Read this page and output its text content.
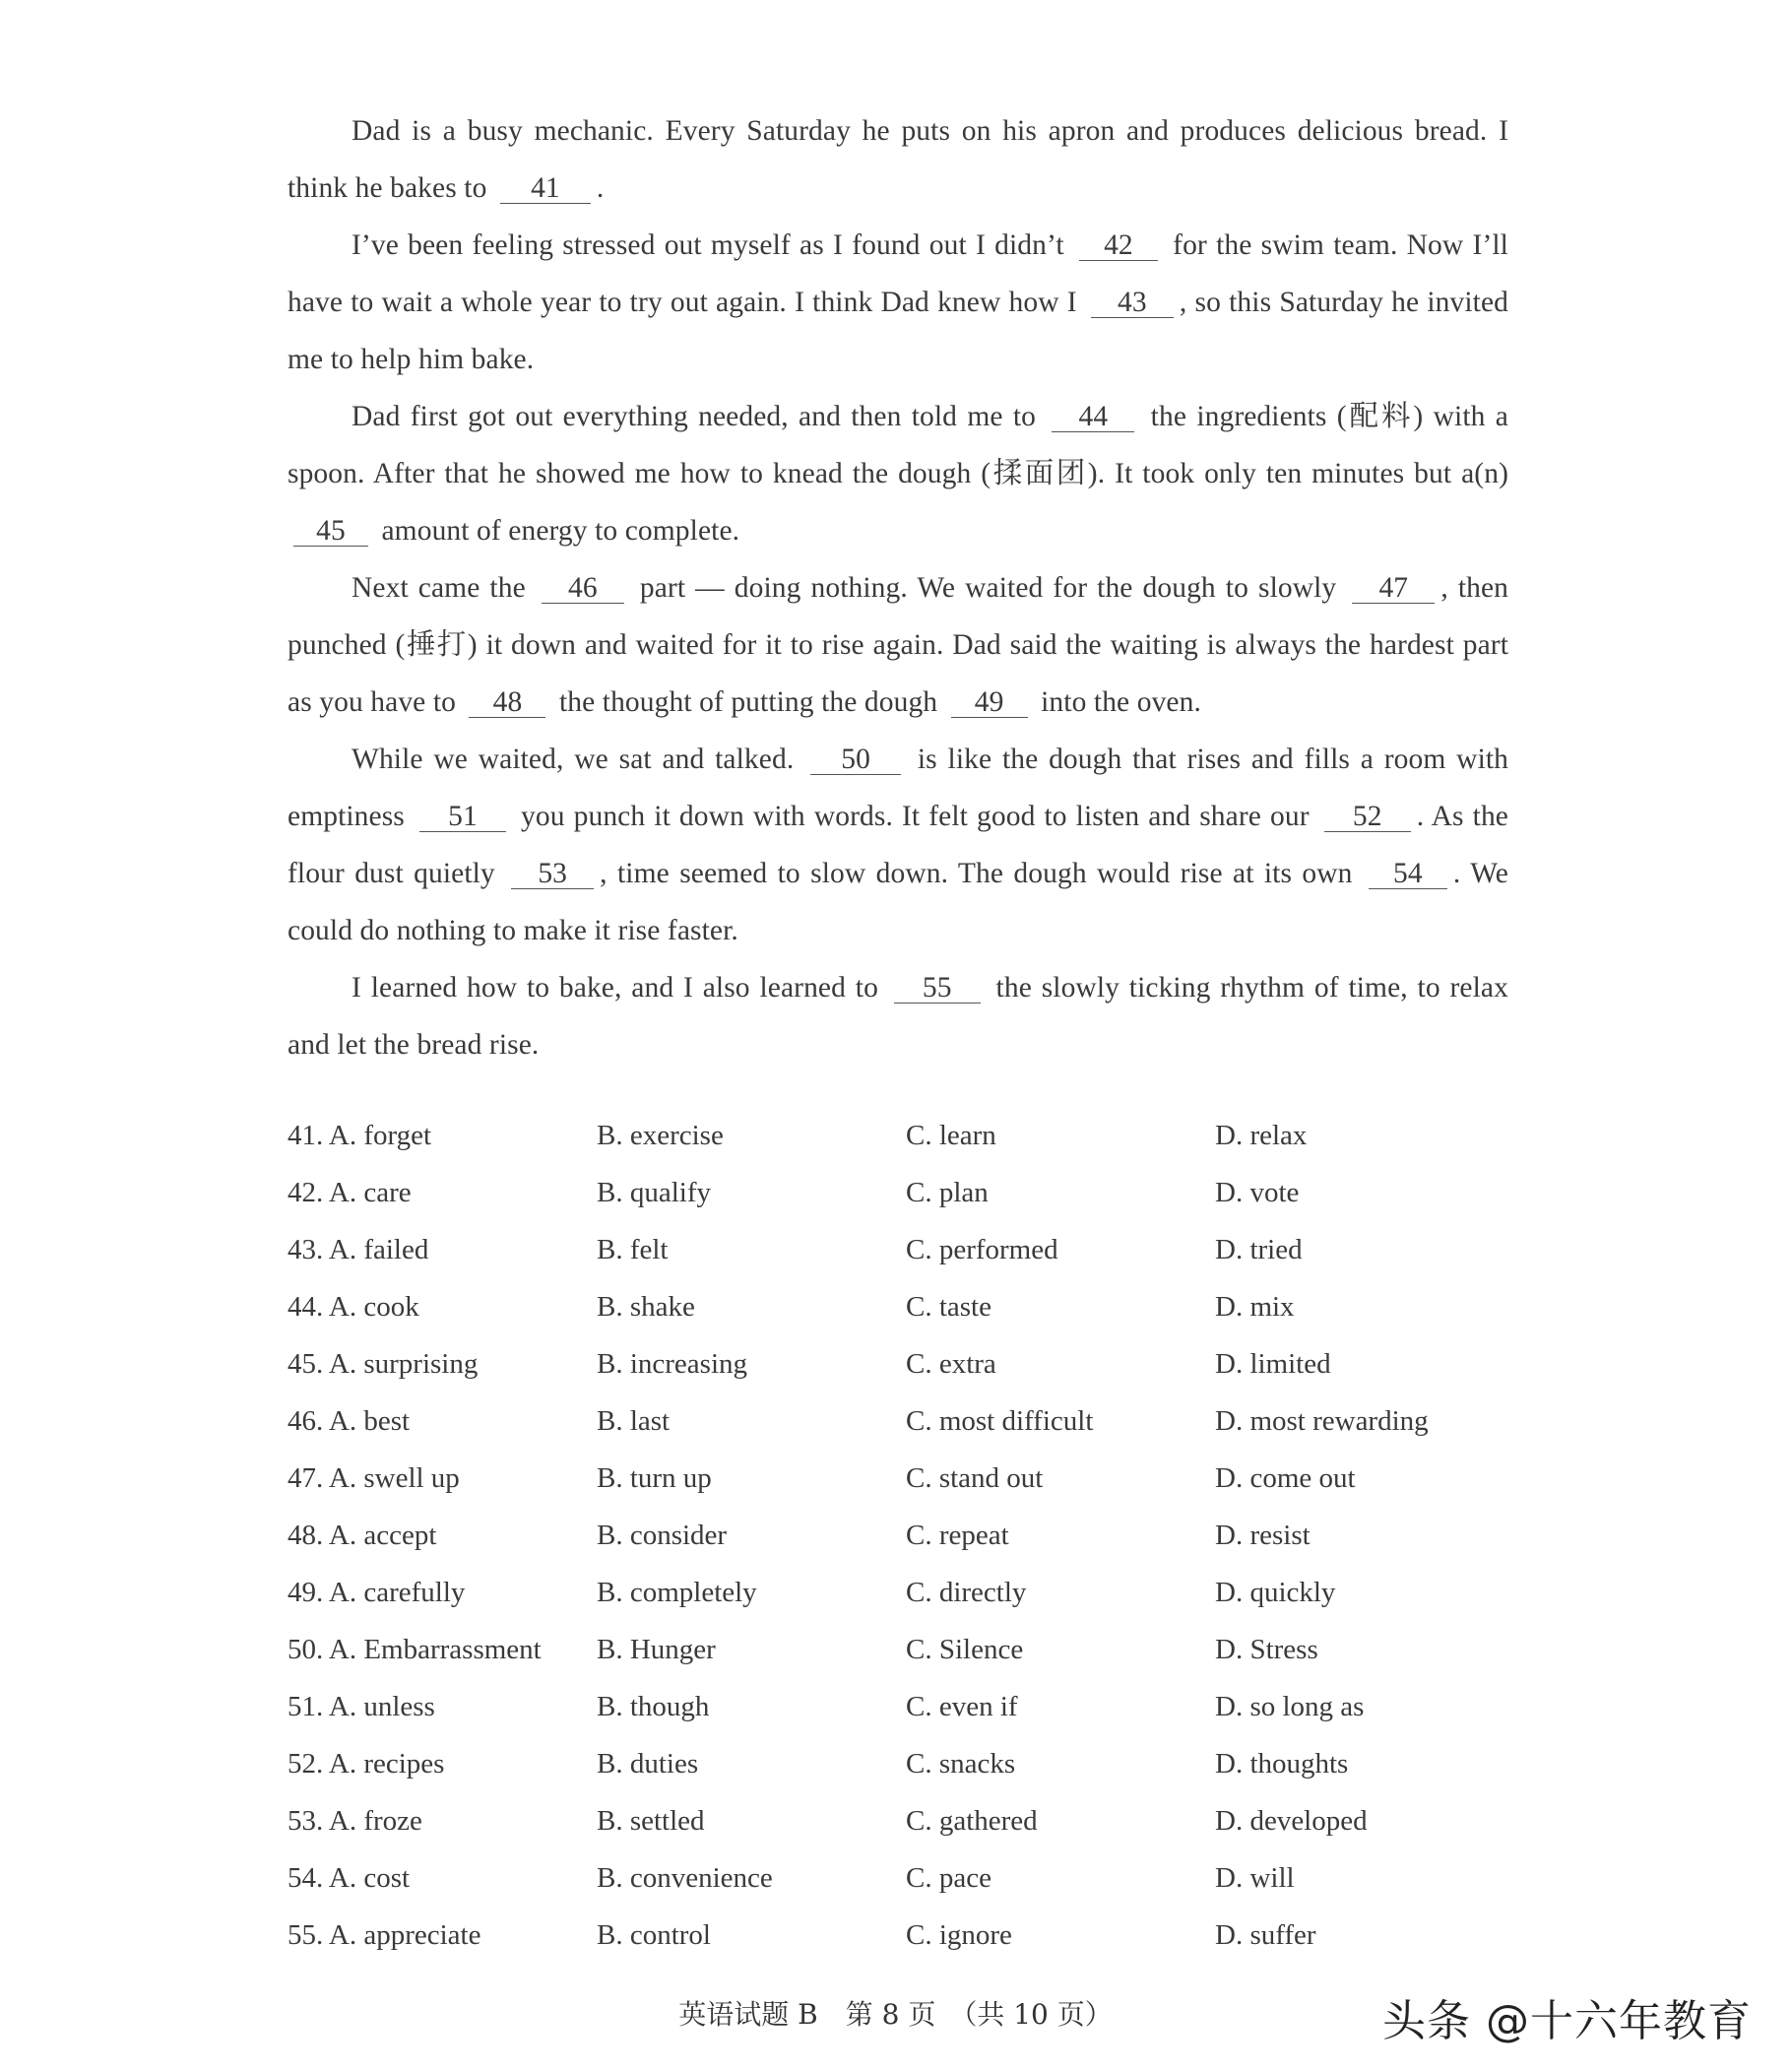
Dad is a busy mechanic. Every Saturday he puts on his apron and produces delicious bread. I think he bakes to 41 .

I’ve been feeling stressed out myself as I found out I didn’t 42 for the swim team. Now I’ll have to wait a whole year to try out again. I think Dad knew how I 43 , so this Saturday he invited me to help him bake.

Dad first got out everything needed, and then told me to 44 the ingredients (配料) with a spoon. After that he showed me how to knead the dough (揉面团). It took only ten minutes but a(n) 45 amount of energy to complete.

Next came the 46 part — doing nothing. We waited for the dough to slowly 47 , then punched (捶打) it down and waited for it to rise again. Dad said the waiting is always the hardest part as you have to 48 the thought of putting the dough 49 into the oven.

While we waited, we sat and talked. 50 is like the dough that rises and fills a room with emptiness 51 you punch it down with words. It felt good to listen and share our 52 . As the flour dust quietly 53 , time seemed to slow down. The dough would rise at its own 54 . We could do nothing to make it rise faster.

I learned how to bake, and I also learned to 55 the slowly ticking rhythm of time, to relax and let the bread rise.

41. A. forget	B. exercise	C. learn	D. relax
42. A. care	B. qualify	C. plan	D. vote
43. A. failed	B. felt	C. performed	D. tried
44. A. cook	B. shake	C. taste	D. mix
45. A. surprising	B. increasing	C. extra	D. limited
46. A. best	B. last	C. most difficult	D. most rewarding
47. A. swell up	B. turn up	C. stand out	D. come out
48. A. accept	B. consider	C. repeat	D. resist
49. A. carefully	B. completely	C. directly	D. quickly
50. A. Embarrassment B. Hunger	C. Silence	D. Stress
51. A. unless	B. though	C. even if	D. so long as
52. A. recipes	B. duties	C. snacks	D. thoughts
53. A. froze	B. settled	C. gathered	D. developed
54. A. cost	B. convenience	C. pace	D. will
55. A. appreciate	B. control	C. ignore	D. suffer
英语试题 B　第 8 页　（共 10 页）	头条 @十六年教育
